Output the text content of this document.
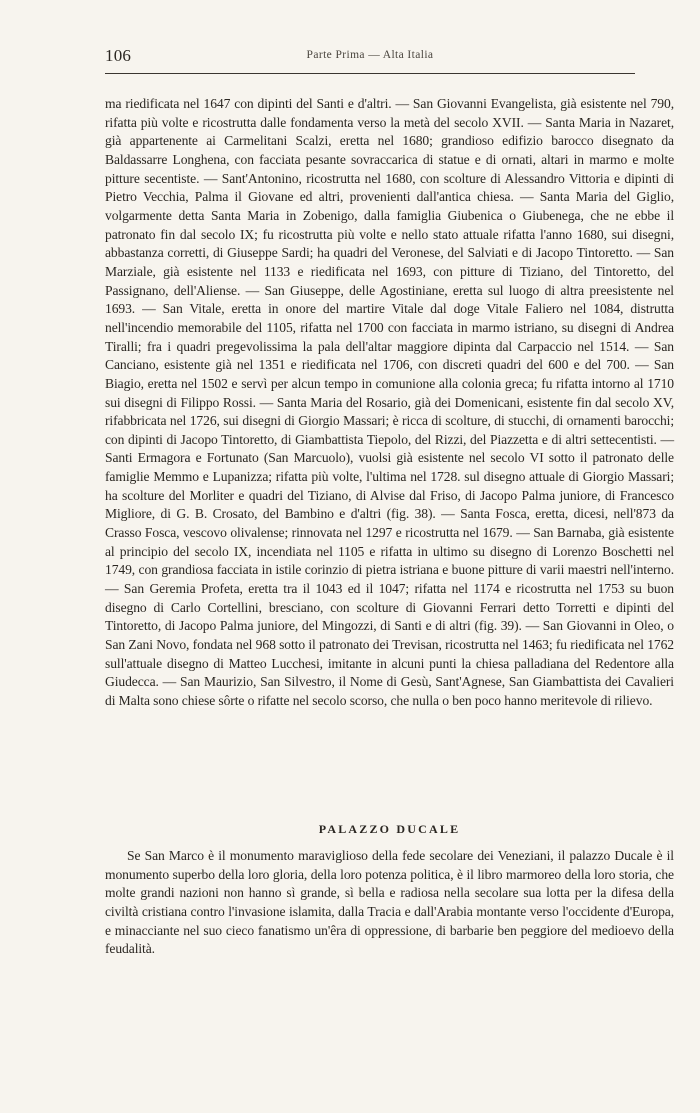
106	Parte Prima — Alta Italia

ma riedificata nel 1647 con dipinti del Santi e d'altri. — San Giovanni Evangelista, già esistente nel 790, rifatta più volte e ricostrutta dalle fondamenta verso la metà del secolo XVII. — Santa Maria in Nazaret, già appartenente ai Carmelitani Scalzi, eretta nel 1680; grandioso edifizio barocco disegnato da Baldassarre Longhena, con facciata pesante sovraccarica di statue e di ornati, altari in marmo e molte pitture secentiste. — Sant'Antonino, ricostrutta nel 1680, con scolture di Alessandro Vittoria e dipinti di Pietro Vecchia, Palma il Giovane ed altri, provenienti dall'antica chiesa. — Santa Maria del Giglio, volgarmente detta Santa Maria in Zobenigo, dalla famiglia Giubenica o Giubenega, che ne ebbe il patronato fin dal secolo IX; fu ricostrutta più volte e nello stato attuale rifatta l'anno 1680, sui disegni, abbastanza corretti, di Giuseppe Sardi; ha quadri del Veronese, del Salviati e di Jacopo Tintoretto. — San Marziale, già esistente nel 1133 e riedificata nel 1693, con pitture di Tiziano, del Tintoretto, del Passignano, dell'Aliense. — San Giuseppe, delle Agostiniane, eretta sul luogo di altra preesistente nel 1693. — San Vitale, eretta in onore del martire Vitale dal doge Vitale Faliero nel 1084, distrutta nell'incendio memorabile del 1105, rifatta nel 1700 con facciata in marmo istriano, su disegni di Andrea Tiralli; fra i quadri pregevolissima la pala dell'altar maggiore dipinta dal Carpaccio nel 1514. — San Canciano, esistente già nel 1351 e riedificata nel 1706, con discreti quadri del 600 e del 700. — San Biagio, eretta nel 1502 e servì per alcun tempo in comunione alla colonia greca; fu rifatta intorno al 1710 sui disegni di Filippo Rossi. — Santa Maria del Rosario, già dei Domenicani, esistente fin dal secolo XV, rifabbricata nel 1726, sui disegni di Giorgio Massari; è ricca di scolture, di stucchi, di ornamenti barocchi; con dipinti di Jacopo Tintoretto, di Giambattista Tiepolo, del Rizzi, del Piazzetta e di altri settecentisti. — Santi Ermagora e Fortunato (San Marcuolo), vuolsi già esistente nel secolo VI sotto il patronato delle famiglie Memmo e Lupanizza; rifatta più volte, l'ultima nel 1728. sul disegno attuale di Giorgio Massari; ha scolture del Morliter e quadri del Tiziano, di Alvise dal Friso, di Jacopo Palma juniore, di Francesco Migliore, di G. B. Crosato, del Bambino e d'altri (fig. 38). — Santa Fosca, eretta, dicesi, nell'873 da Crasso Fosca, vescovo olivalense; rinnovata nel 1297 e ricostrutta nel 1679. — San Barnaba, già esistente al principio del secolo IX, incendiata nel 1105 e rifatta in ultimo su disegno di Lorenzo Boschetti nel 1749, con grandiosa facciata in istile corinzio di pietra istriana e buone pitture di varii maestri nell'interno. — San Geremia Profeta, eretta tra il 1043 ed il 1047; rifatta nel 1174 e ricostrutta nel 1753 su buon disegno di Carlo Cortellini, bresciano, con scolture di Giovanni Ferrari detto Torretti e dipinti del Tintoretto, di Jacopo Palma juniore, del Mingozzi, di Santi e di altri (fig. 39). — San Giovanni in Oleo, o San Zani Novo, fondata nel 968 sotto il patronato dei Trevisan, ricostrutta nel 1463; fu riedificata nel 1762 sull'attuale disegno di Matteo Lucchesi, imitante in alcuni punti la chiesa palladiana del Redentore alla Giudecca. — San Maurizio, San Silvestro, il Nome di Gesù, Sant'Agnese, San Giambattista dei Cavalieri di Malta sono chiese sôrte o rifatte nel secolo scorso, che nulla o ben poco hanno meritevole di rilievo.

PALAZZO DUCALE

Se San Marco è il monumento maraviglioso della fede secolare dei Veneziani, il palazzo Ducale è il monumento superbo della loro gloria, della loro potenza politica, è il libro marmoreo della loro storia, che molte grandi nazioni non hanno sì grande, sì bella e radiosa nella secolare sua lotta per la difesa della civiltà cristiana contro l'invasione islamita, dalla Tracia e dall'Arabia montante verso l'occidente d'Europa, e minacciante nel suo cieco fanatismo un'êra di oppressione, di barbarie ben peggiore del medioevo della feudalità.
